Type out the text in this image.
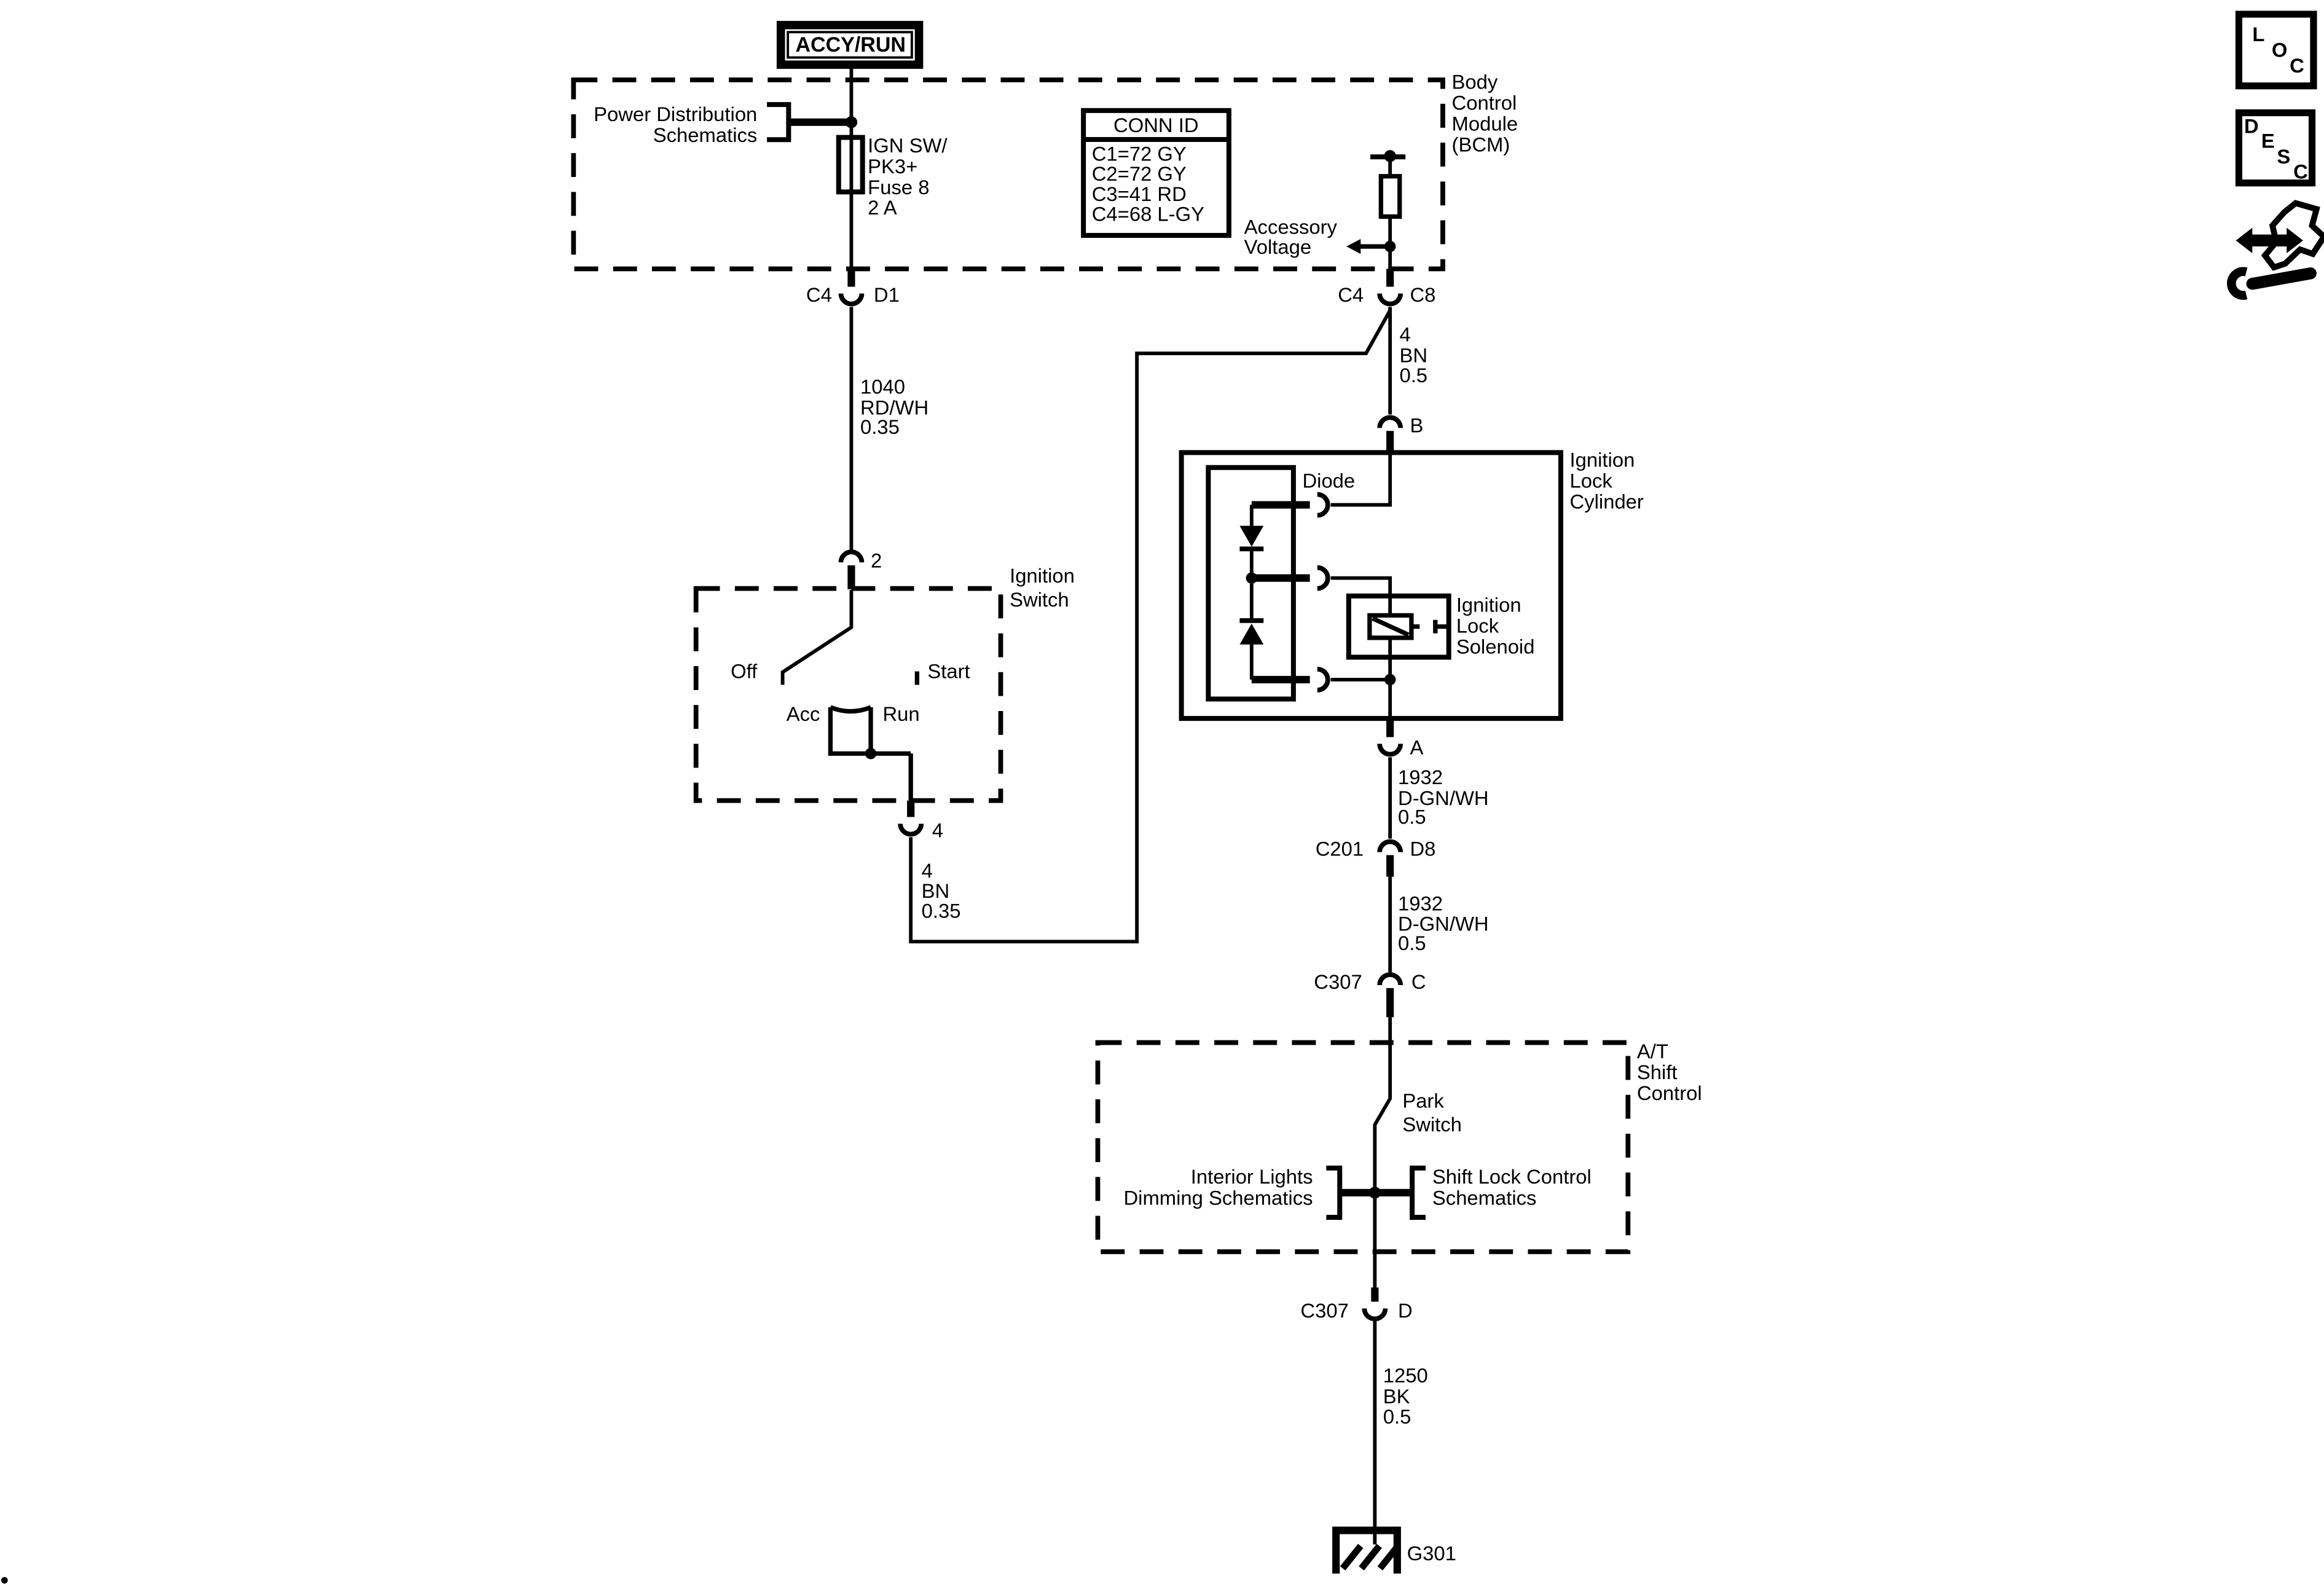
ACCY/RUN
Power Distribution
Schematics	IGN SW/
PK3+
Fuse 8
2 A
C4	D1
1040
RD/WH
0.35
2
CONN ID
C1=72 GY
C2=72 GY
C3=41 RD
C4=68 L-GY
Body
Control
Module
(BCM)
Accessory
Voltage
C4	C8
4
BN
0.5
B
Ignition
Switch
Off	Start
Acc	Run
4
4
BN
0.35
Ignition
Lock
Cylinder
Diode
Ignition
Lock
Solenoid
A
1932
D-GN/WH
0.5
C201	D8
1932
D-GN/WH
0.5
C307	C
A/T
Shift
Control
Park
Switch
Interior Lights
Dimming Schematics
Shift Lock Control
Schematics
C307	D
1250
BK
0.5
G301
L
O
C
D
E
S
C
